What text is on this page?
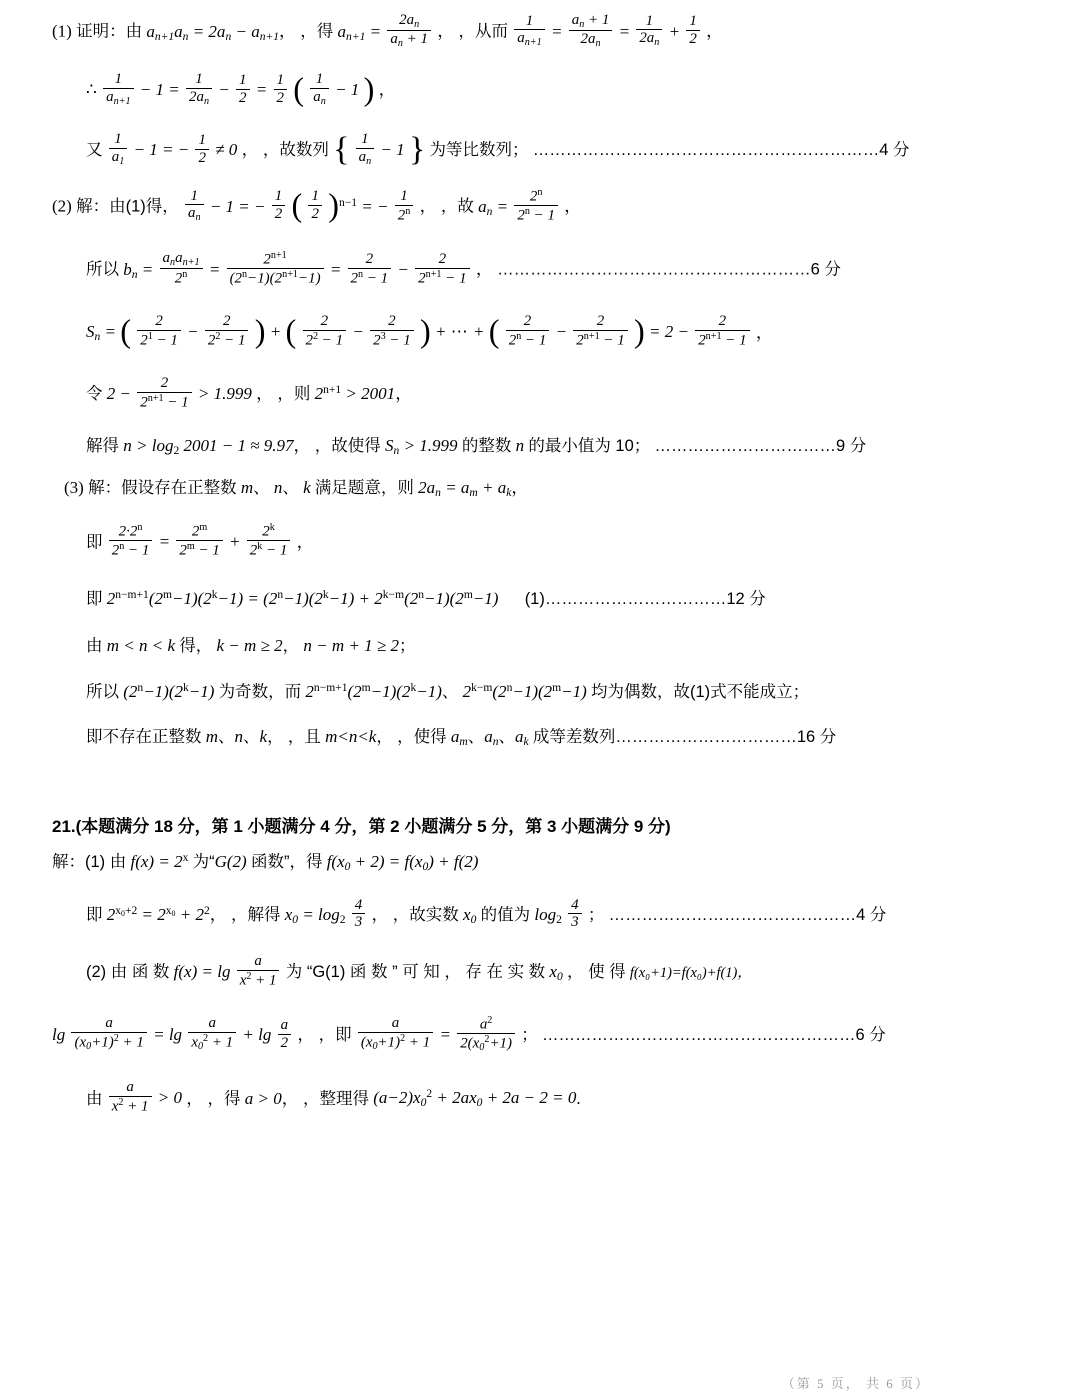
(1) 证明：由 $a_{n+1}a_n = 2a_n - a_{n+1}$， ，得 $a_{n+1} = \frac{2a_n}{a_n + 1}$ ， ，从而 $\frac{1}{a_{n+1}} = \frac{a_n + 1}{2a_n} = \frac{1}{2a_n} + \frac{1}{2}$ ，
∴ $\frac{1}{a_{n+1}} - 1 = \frac{1}{2a_n} - \frac{1}{2} = \frac{1}{2}$ ( $\frac{1}{a_n} - 1$ ) ，
又 $\frac{1}{a_1} - 1$ = − $\frac{1}{2} \ne 0$ ， ，故数列 { $\frac{1}{a_n} - 1$ } 为等比数列； ………………………………………………………4 分
(2) 解：由(1)得， $\frac{1}{a_n} - 1$ = − $\frac{1}{2}$ ( $\frac{1}{2} )^{n-1}$ = − $\frac{1}{2^n}$ ， ，故 $a_n = \frac{2^n}{2^n - 1}$ ，
所以 $b_n = \frac{a_na_{n+1}}{2^n} = \frac{2^{n+1}}{(2^n-1)(2^{n+1}-1)} = \frac{2}{2^n - 1} - \frac{2}{2^{n+1} - 1}$ ， …………………………………………………6 分
$S_n$ = ( $\frac{2}{2^1 - 1} - \frac{2}{2^2 - 1}$ ) + ( $\frac{2}{2^2 - 1} - \frac{2}{2^3 - 1}$ ) + ⋯ + ( $\frac{2}{2^n - 1} - \frac{2}{2^{n+1} - 1}$ ) = $2 - \frac{2}{2^{n+1} - 1}$ ，
令 $2 - \frac{2}{2^{n+1} - 1} > 1.999$ ， ，则 $2^{n+1} > 2001$，
解得 $n > \log_2 2001 - 1 \approx 9.97$， ，故使得 $S_n > 1.999$ 的整数 n 的最小值为 10； ……………………………9 分
(3) 解：假设存在正整数 m、 n、 k 满足题意，则 $2a_n = a_m + a_k$，
即 $\frac{2\cdot 2^n}{2^n - 1} = \frac{2^m}{2^m - 1} + \frac{2^k}{2^k - 1}$ ，
即 $2^{n-m+1}(2^m-1)(2^k-1) = (2^n-1)(2^k-1) + 2^{k-m}(2^n-1)(2^m-1)$ (1)……………………………12 分
由 m < n < k 得， k − m ≥ 2， n − m + 1 ≥ 2；
所以 $(2^n-1)(2^k-1)$ 为奇数，而 $2^{n-m+1}(2^m-1)(2^k-1)$、 $2^{k-m}(2^n-1)(2^m-1)$ 均为偶数，故(1)式不能成立；
即不存在正整数 m、n、k， ，且 m<n<k， ，使得 $a_m$、$a_n$、$a_k$ 成等差数列……………………………16 分
21.(本题满分 18 分，第 1 小题满分 4 分，第 2 小题满分 5 分，第 3 小题满分 9 分)
解：(1) 由 $f(x) = 2^x$ 为“G(2) 函数”，得 $f(x_0 + 2) = f(x_0) + f(2)$
即 $2^{x_0+2} = 2^{x_0} + 2^2$， ，解得 $x_0 = \log_2 \frac{4}{3}$ ， ，故实数 $x_0$ 的值为 $\log_2 \frac{4}{3}$ ； ………………………………………4 分
(2) 由 函 数 $f(x) = \lg \frac{a}{x^2 + 1}$ 为 “G(1) 函 数 ” 可 知 ， 存 在 实 数 $x_0$ ， 使 得 f(x₀+1)=f(x₀)+f(1)，
$\lg \frac{a}{(x_0+1)^2 + 1} = \lg \frac{a}{x_0^2 + 1} + \lg \frac{a}{2}$ ， ，即 $\frac{a}{(x_0+1)^2 + 1} = \frac{a^2}{2(x_0^2+1)}$ ； …………………………………………………6 分
由 $\frac{a}{x^2 + 1} > 0$ ， ，得 a > 0， ，整理得 $(a-2)x_0^2 + 2ax_0 + 2a - 2 = 0$.
（第 5 页， 共 6 页）
